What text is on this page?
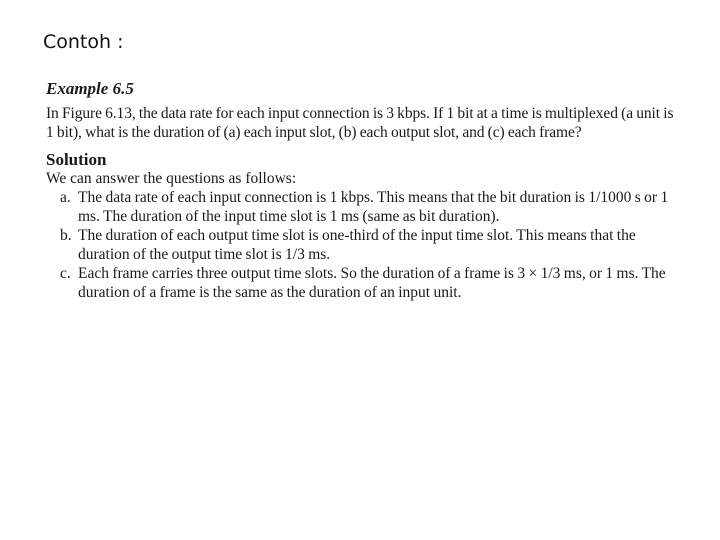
Contoh :
Example 6.5
In Figure 6.13, the data rate for each input connection is 3 kbps. If 1 bit at a time is multiplexed (a unit is 1 bit), what is the duration of (a) each input slot, (b) each output slot, and (c) each frame?
Solution
We can answer the questions as follows:
a. The data rate of each input connection is 1 kbps. This means that the bit duration is 1/1000 s or 1 ms. The duration of the input time slot is 1 ms (same as bit duration).
b. The duration of each output time slot is one-third of the input time slot. This means that the duration of the output time slot is 1/3 ms.
c. Each frame carries three output time slots. So the duration of a frame is 3 × 1/3 ms, or 1 ms. The duration of a frame is the same as the duration of an input unit.
